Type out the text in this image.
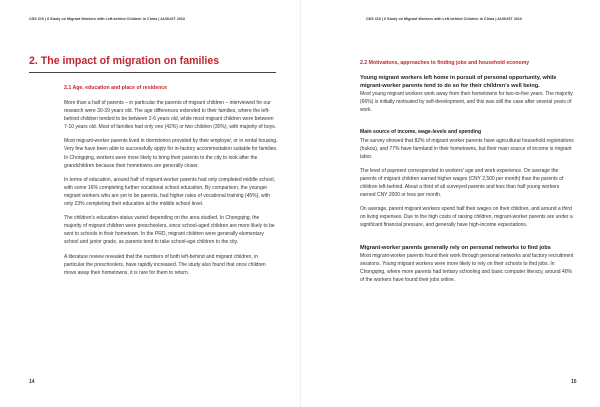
CDS CIS | 6 Study on Migrant Workers with Left-behind Children in China | AUGUST 2010
2. The impact of migration on families
2.1 Age, education and place of residence

More than a half of parents – in particular the parents of migrant children – interviewed for our research were 30-39 years old. The age differences extended to their families, where the left-behind children tended to be between 2-6 years old, while most migrant children were between 7-10 years old. Most of families had only one (42%) or two children (30%), with majority of boys.

Most migrant-worker parents lived in dormitories provided by their employer, or in rental housing. Very few have been able to successfully apply for in-factory accommodation suitable for families. In Chongqing, workers were more likely to bring their parents to the city to look after the grandchildren because their hometowns are generally closer.

In terms of education, around half of migrant-worker parents had only completed middle school, with some 16% completing further vocational school education. By comparison, the younger migrant workers who are yet to be parents, had higher rates of vocational training (45%), with only 23% completing their education at the middle school level.

The children's education-status varied depending on the area studied. In Chongqing, the majority of migrant children were preschoolers, since school-aged children are more likely to be sent to schools in their hometown. In the PRD, migrant children were generally elementary school and junior grade, as parents tend to take school-age children to the city.

A literature review revealed that the numbers of both left-behind and migrant children, in particular the preschoolers, have rapidly increased. The study also found that once children move away their hometowns, it is rare for them to return.

14
CDS CIS | 6 Study on Migrant Workers with Left-behind Children in China | AUGUST 2010
2.2 Motivations, approaches to finding jobs and household economy

Young migrant workers left home in pursuit of personal opportunity, while migrant-worker parents tend to do so for their children's well being.

Most young migrant workers work away from their hometowns for two-to-five years. The majority (66%) is initially motivated by self-development, and this was still the case after several years of work.

Main source of income, wage-levels and spending

The survey showed that 82% of migrant worker parents have agricultural household registrations (hukou), and 77% have farmland in their hometowns, but their main source of income is migrant labor.

The level of payment corresponded to workers' age and work experience. On average the parents of migrant children earned higher wages (CNY 2,500 per month) than the parents of children left-behind. About a third of all surveyed parents and less than half young workers earned CNY 2000 or less per month.

On average, parent migrant workers spend half their wages on their children, and around a third on living expenses. Due to the high costs of raising children, migrant-worker parents are under a significant financial pressure, and generally have high-income expectations.

Migrant-worker parents generally rely on personal networks to find jobs

Most migrant-worker parents found their work through personal networks and factory recruitment sessions. Young migrant workers were more likely to rely on their schools to find jobs. In Chongqing, where more parents had tertiary schooling and basic computer literacy, around 40% of the workers have found their jobs online.

15
